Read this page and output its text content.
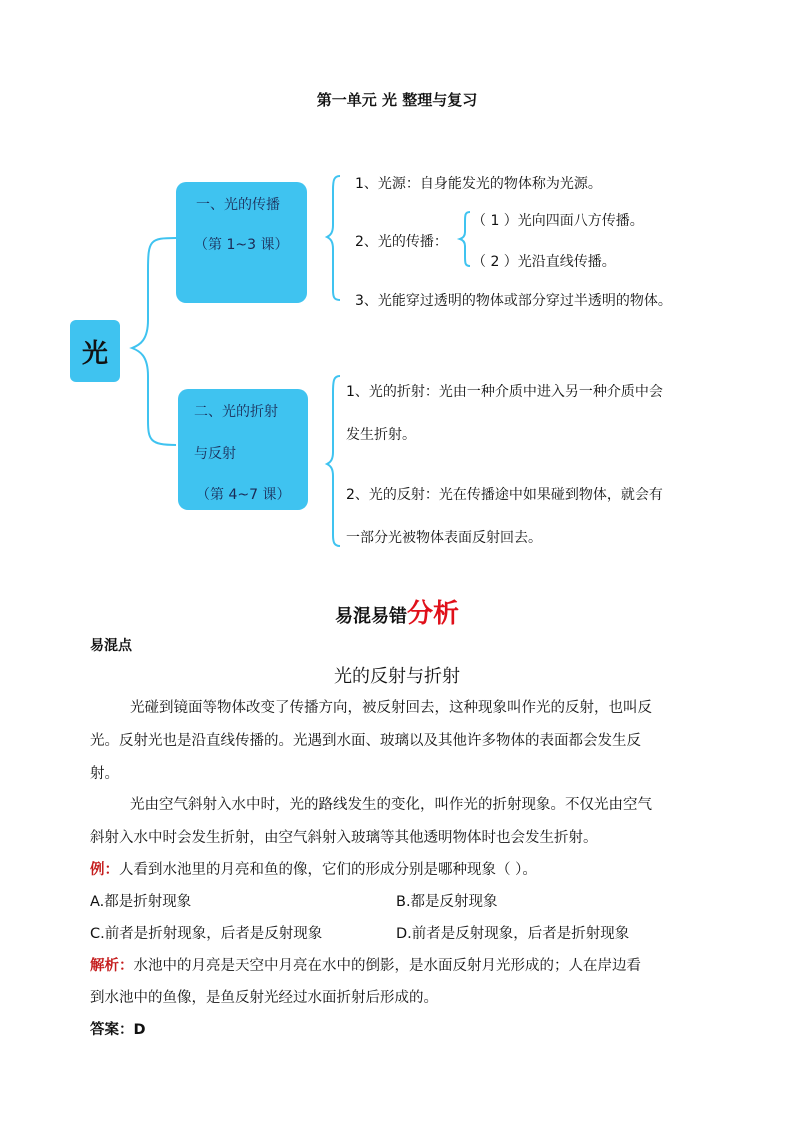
第一单元 光 整理与复习
光
一、光的传播
（第 1~3 课）
二、光的折射
与反射
（第 4~7 课）
1、光源：自身能发光的物体称为光源。
2、光的传播：
（ 1 ）光向四面八方传播。
（ 2 ）光沿直线传播。
3、光能穿过透明的物体或部分穿过半透明的物体。
1、光的折射：光由一种介质中进入另一种介质中会
发生折射。
2、光的反射：光在传播途中如果碰到物体，就会有
一部分光被物体表面反射回去。
易混易错分析
易混点
光的反射与折射
光碰到镜面等物体改变了传播方向，被反射回去，这种现象叫作光的反射，也叫反
光。反射光也是沿直线传播的。光遇到水面、玻璃以及其他许多物体的表面都会发生反
射。
光由空气斜射入水中时，光的路线发生的变化，叫作光的折射现象。不仅光由空气
斜射入水中时会发生折射，由空气斜射入玻璃等其他透明物体时也会发生折射。
例：人看到水池里的月亮和鱼的像，它们的形成分别是哪种现象（ ）。
A.都是折射现象	B.都是反射现象
C.前者是折射现象，后者是反射现象	D.前者是反射现象，后者是折射现象
解析：水池中的月亮是天空中月亮在水中的倒影，是水面反射月光形成的；人在岸边看
到水池中的鱼像，是鱼反射光经过水面折射后形成的。
答案：D
